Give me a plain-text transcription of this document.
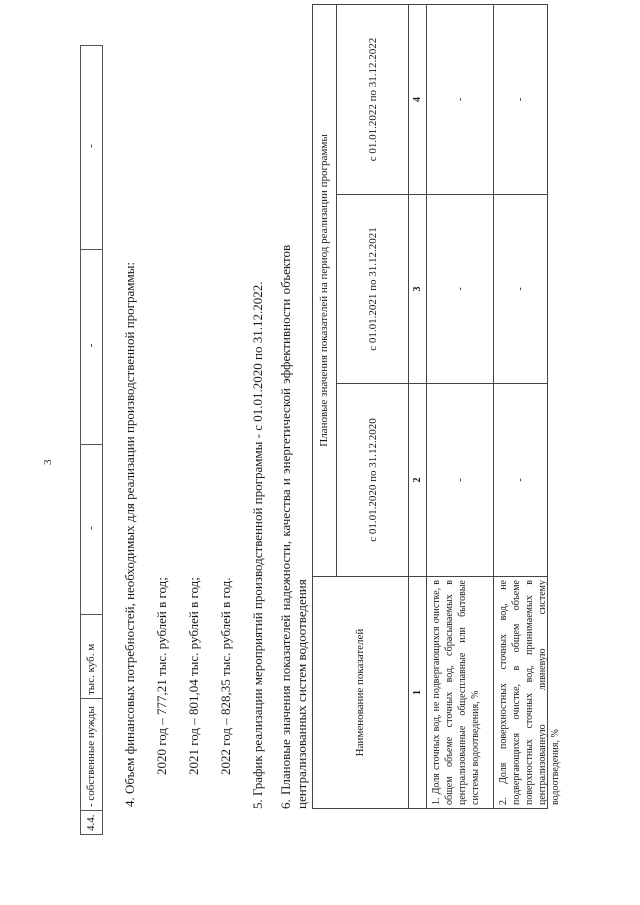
3
4.4.
- собственные нужды
тыс. куб. м
-
-
-
4. Объем финансовых потребностей, необходимых для реализации производственной программы: 2020 год – 777,21 тыс. рублей в год; 2021 год – 801,04 тыс. рублей в год; 2022 год – 828,35 тыс. рублей в год. 5. График реализации мероприятий производственной программы - с 01.01.2020 по 31.12.2022. 6. Плановые значения показателей надежности, качества и энергетической эффективности объектов централизованных систем водоотведения	Наименование показателей
Плановые значения показателей на период реализации программы
с 01.01.2020 по 31.12.2020
с 01.01.2021 по 31.12.2021
с 01.01.2022 по 31.12.2022
1
2
3
4
1. Доля сточных вод, не подвергающихся очистке, в общем объеме сточных вод, сбрасываемых в централизованные общесплавные или бытовые системы водоотведения, %
-
-
-
2. Доля поверхностных сточных вод, не подвергающихся очистке, в общем объеме поверхностных сточных вод, принимаемых в централизованную ливневую систему водоотведения, %
-
-
-
